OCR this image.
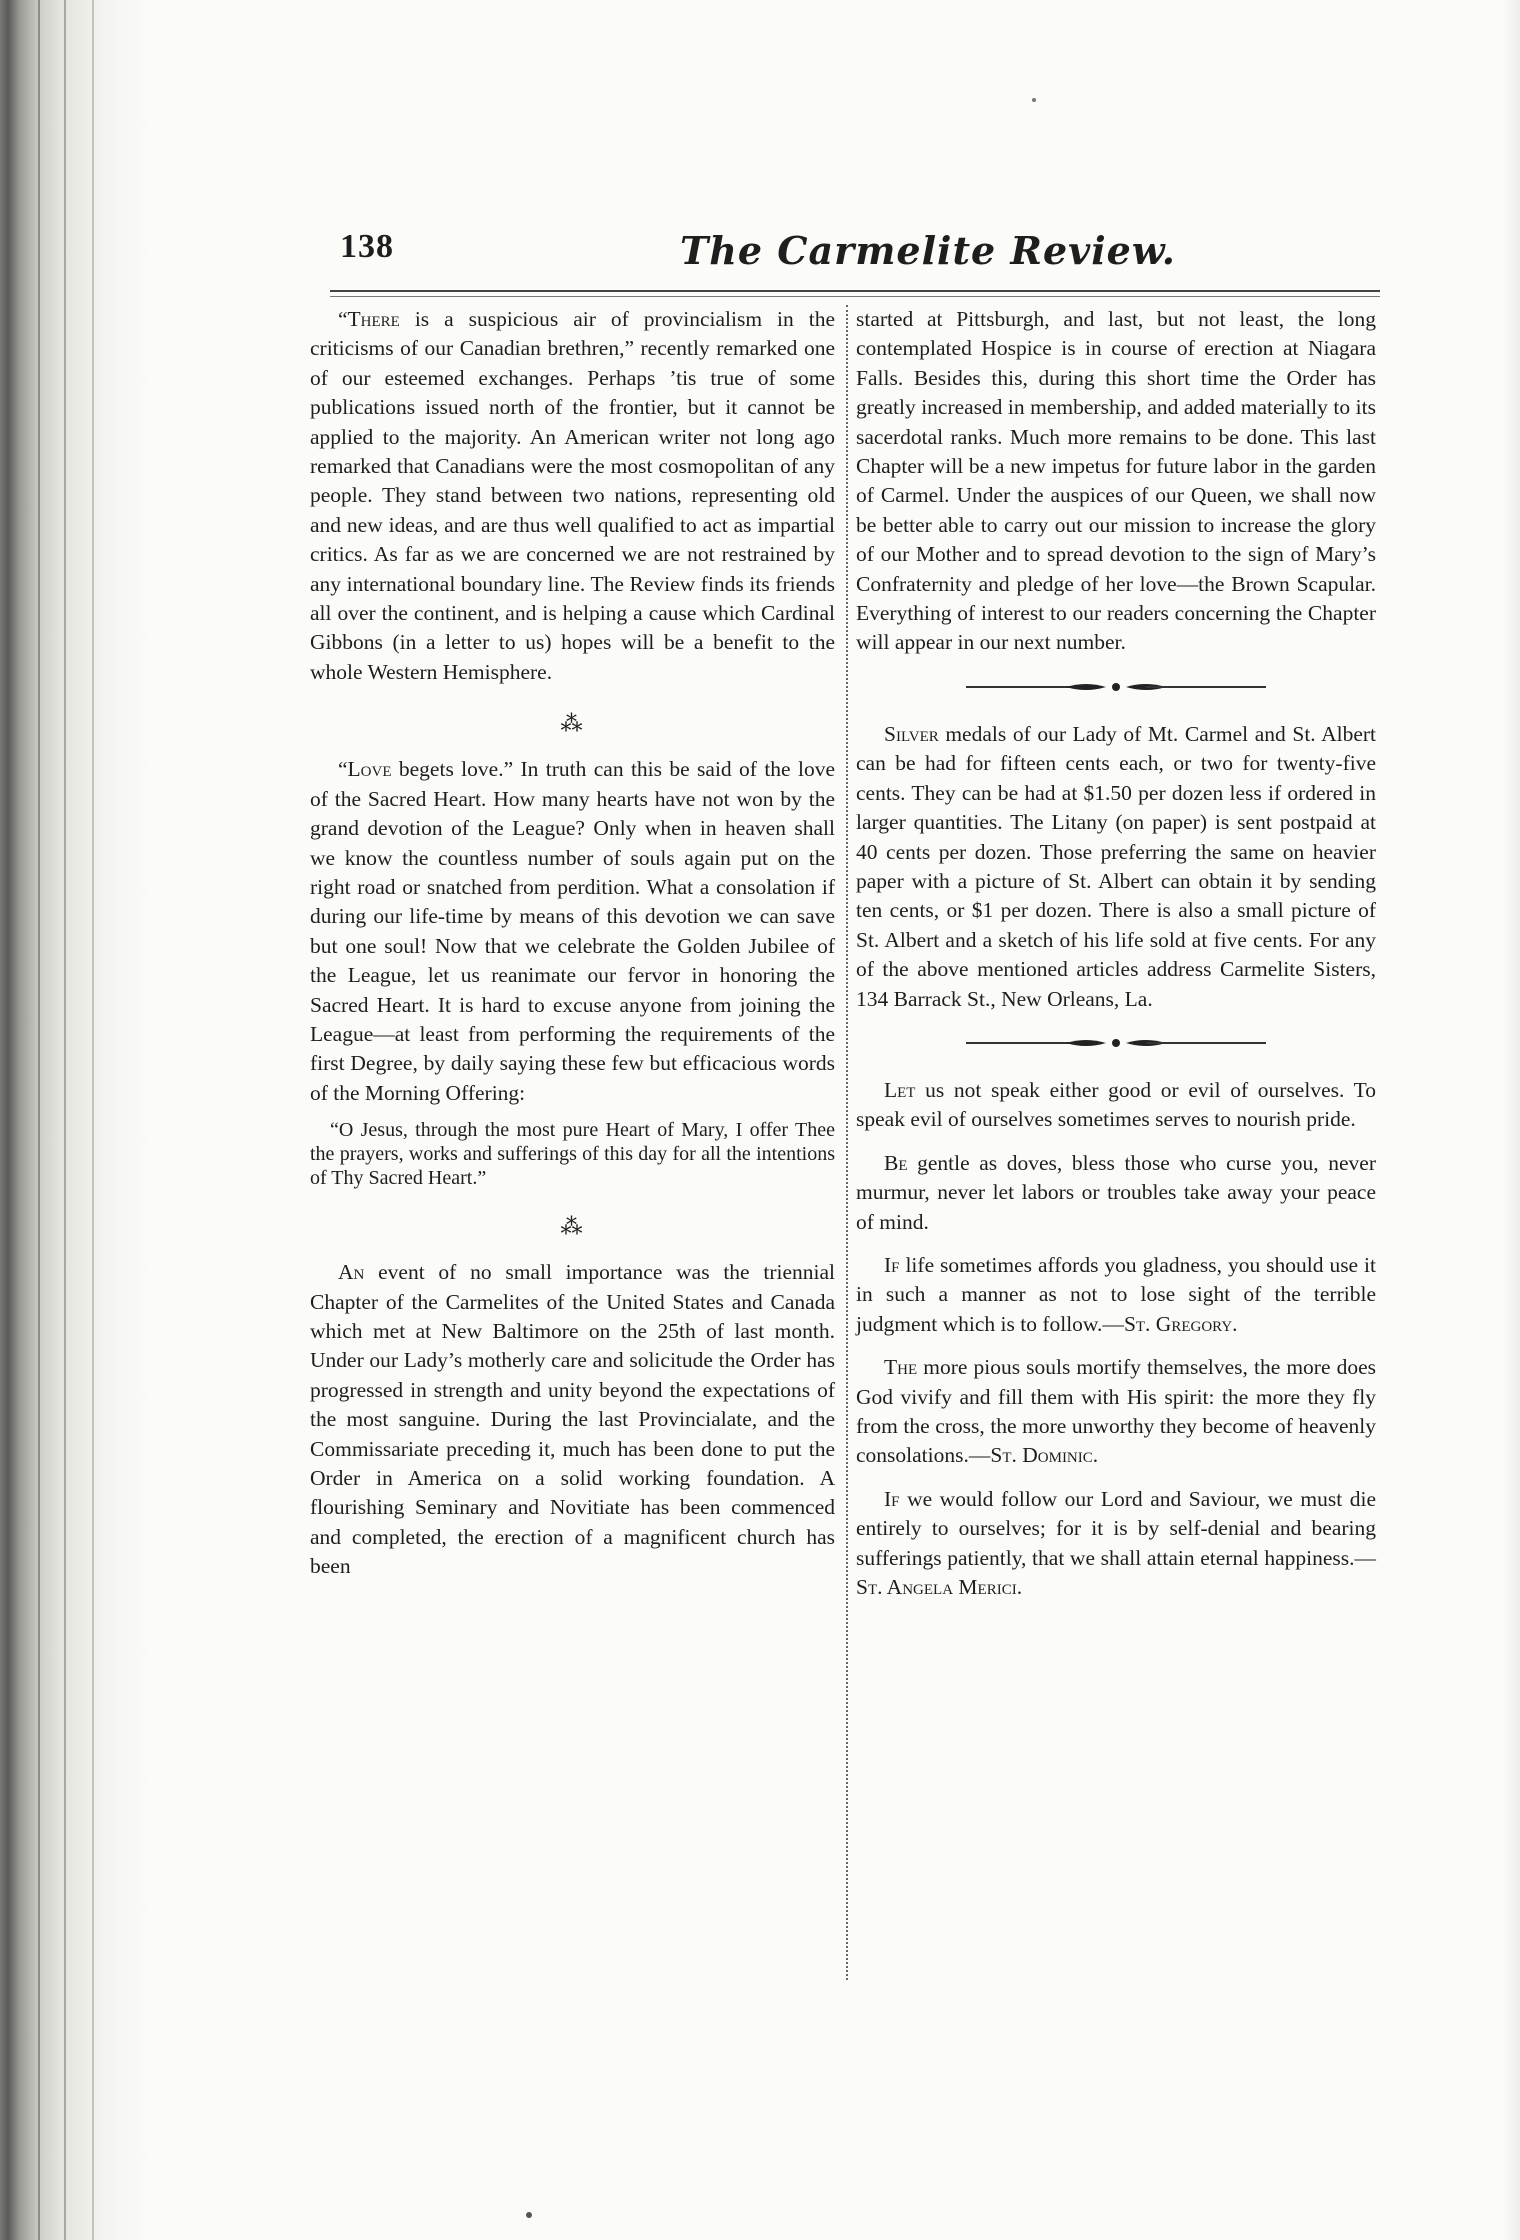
138	The Carmelite Review.

“There is a suspicious air of provincialism in the criticisms of our Canadian brethren,” recently remarked one of our esteemed exchanges. Perhaps ’tis true of some publications issued north of the frontier, but it cannot be applied to the majority. An American writer not long ago remarked that Canadians were the most cosmopolitan of any people. They stand between two nations, representing old and new ideas, and are thus well qualified to act as impartial critics. As far as we are concerned we are not restrained by any international boundary line. The Review finds its friends all over the continent, and is helping a cause which Cardinal Gibbons (in a letter to us) hopes will be a benefit to the whole Western Hemisphere.

⁂

“Love begets love.” In truth can this be said of the love of the Sacred Heart. How many hearts have not won by the grand devotion of the League? Only when in heaven shall we know the countless number of souls again put on the right road or snatched from perdition. What a consolation if during our life-time by means of this devotion we can save but one soul! Now that we celebrate the Golden Jubilee of the League, let us reanimate our fervor in honoring the Sacred Heart. It is hard to excuse anyone from joining the League—at least from performing the requirements of the first Degree, by daily saying these few but efficacious words of the Morning Offering:

“O Jesus, through the most pure Heart of Mary, I offer Thee the prayers, works and sufferings of this day for all the intentions of Thy Sacred Heart.”

⁂

An event of no small importance was the triennial Chapter of the Carmelites of the United States and Canada which met at New Baltimore on the 25th of last month. Under our Lady’s motherly care and solicitude the Order has progressed in strength and unity beyond the expectations of the most sanguine. During the last Provincialate, and the Commissariate preceding it, much has been done to put the Order in America on a solid working foundation. A flourishing Seminary and Novitiate has been commenced and completed, the erection of a magnificent church has been

started at Pittsburgh, and last, but not least, the long contemplated Hospice is in course of erection at Niagara Falls. Besides this, during this short time the Order has greatly increased in membership, and added materially to its sacerdotal ranks. Much more remains to be done. This last Chapter will be a new impetus for future labor in the garden of Carmel. Under the auspices of our Queen, we shall now be better able to carry out our mission to increase the glory of our Mother and to spread devotion to the sign of Mary’s Confraternity and pledge of her love—the Brown Scapular. Everything of interest to our readers concerning the Chapter will appear in our next number.

Silver medals of our Lady of Mt. Carmel and St. Albert can be had for fifteen cents each, or two for twenty-five cents. They can be had at $1.50 per dozen less if ordered in larger quantities. The Litany (on paper) is sent postpaid at 40 cents per dozen. Those preferring the same on heavier paper with a picture of St. Albert can obtain it by sending ten cents, or $1 per dozen. There is also a small picture of St. Albert and a sketch of his life sold at five cents. For any of the above mentioned articles address Carmelite Sisters, 134 Barrack St., New Orleans, La.

Let us not speak either good or evil of ourselves. To speak evil of ourselves sometimes serves to nourish pride.

Be gentle as doves, bless those who curse you, never murmur, never let labors or troubles take away your peace of mind.

If life sometimes affords you gladness, you should use it in such a manner as not to lose sight of the terrible judgment which is to follow.—St. Gregory.

The more pious souls mortify themselves, the more does God vivify and fill them with His spirit: the more they fly from the cross, the more unworthy they become of heavenly consolations.—St. Dominic.

If we would follow our Lord and Saviour, we must die entirely to ourselves; for it is by self-denial and bearing sufferings patiently, that we shall attain eternal happiness.—St. Angela Merici.
